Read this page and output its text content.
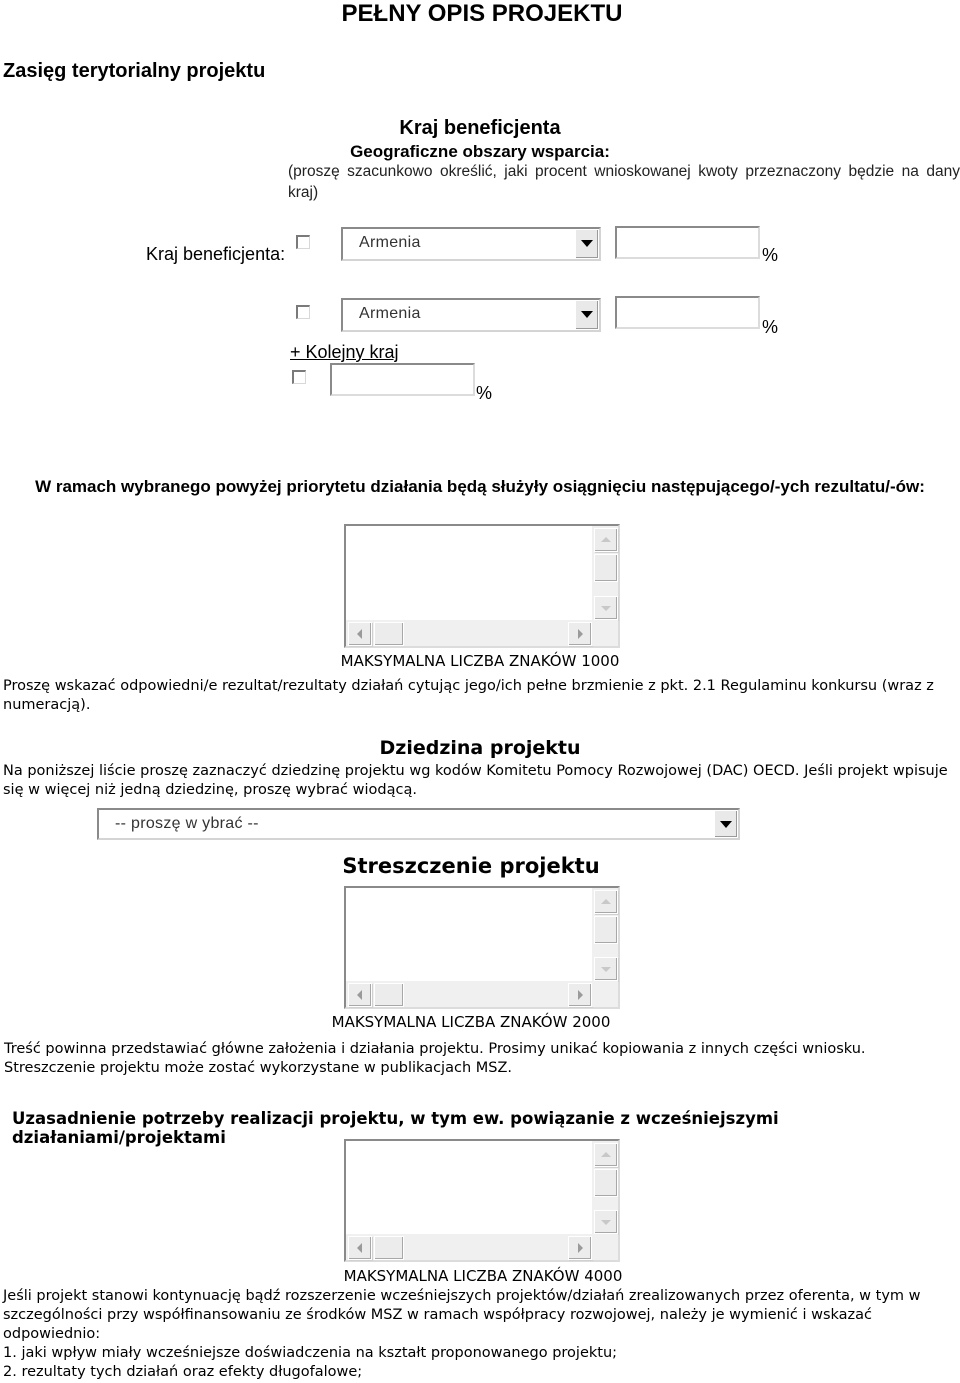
PEŁNY OPIS PROJEKTU
Zasięg terytorialny projektu
Kraj beneficjenta
Geograficzne obszary wsparcia:
(proszę szacunkowo określić, jaki procent wnioskowanej kwoty przeznaczony będzie na dany kraj)
Kraj beneficjenta:
Armenia
%
Armenia
%
+ Kolejny kraj
%
W ramach wybranego powyżej priorytetu działania będą służyły osiągnięciu następującego/-ych rezultatu/-ów:
MAKSYMALNA LICZBA ZNAKÓW 1000
Proszę wskazać odpowiedni/e rezultat/rezultaty działań cytując jego/ich pełne brzmienie z pkt. 2.1 Regulaminu konkursu (wraz z numeracją).
Dziedzina projektu
Na poniższej liście proszę zaznaczyć dziedzinę projektu wg kodów Komitetu Pomocy Rozwojowej (DAC) OECD. Jeśli projekt wpisuje się w więcej niż jedną dziedzinę, proszę wybrać wiodącą.
-- proszę w ybrać --
Streszczenie projektu
MAKSYMALNA LICZBA ZNAKÓW 2000
Treść powinna przedstawiać główne założenia i działania projektu. Prosimy unikać kopiowania z innych części wniosku. Streszczenie projektu może zostać wykorzystane w publikacjach MSZ.
Uzasadnienie potrzeby realizacji projektu, w tym ew. powiązanie z wcześniejszymi działaniami/projektami
MAKSYMALNA LICZBA ZNAKÓW 4000
Jeśli projekt stanowi kontynuację bądź rozszerzenie wcześniejszych projektów/działań zrealizowanych przez oferenta, w tym w szczególności przy współfinansowaniu ze środków MSZ w ramach współpracy rozwojowej, należy je wymienić i wskazać odpowiednio:
1. jaki wpływ miały wcześniejsze doświadczenia na kształt proponowanego projektu;
2. rezultaty tych działań oraz efekty długofalowe;
